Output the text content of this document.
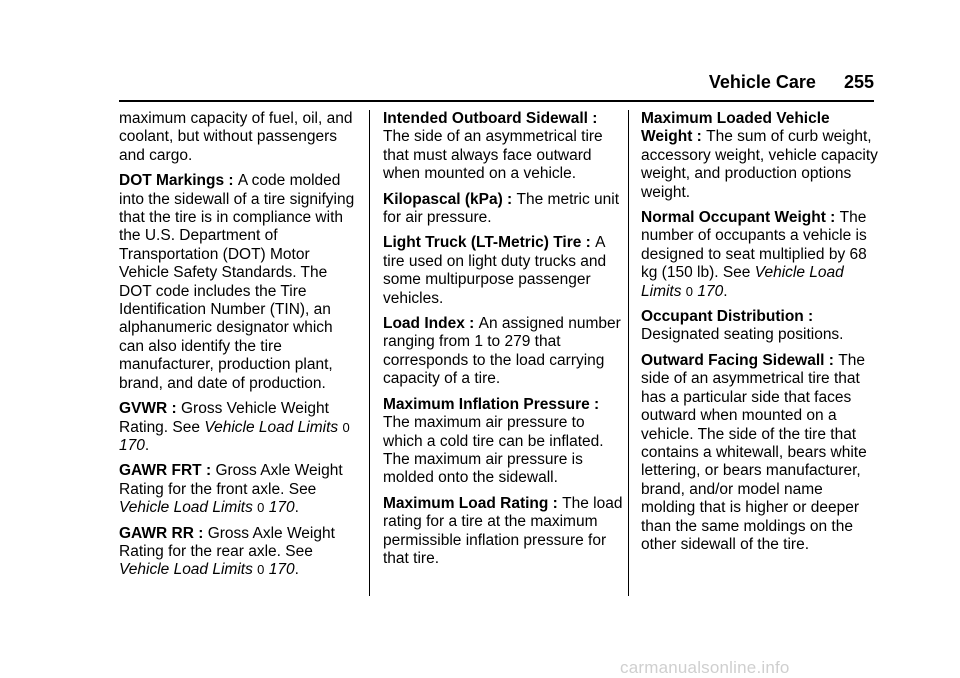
Vehicle Care 255

maximum capacity of fuel, oil, and coolant, but without passengers and cargo.

DOT Markings : A code molded into the sidewall of a tire signifying that the tire is in compliance with the U.S. Department of Transportation (DOT) Motor Vehicle Safety Standards. The DOT code includes the Tire Identification Number (TIN), an alphanumeric designator which can also identify the tire manufacturer, production plant, brand, and date of production.

GVWR : Gross Vehicle Weight Rating. See Vehicle Load Limits 0 170.

GAWR FRT : Gross Axle Weight Rating for the front axle. See Vehicle Load Limits 0 170.

GAWR RR : Gross Axle Weight Rating for the rear axle. See Vehicle Load Limits 0 170.

Intended Outboard Sidewall : The side of an asymmetrical tire that must always face outward when mounted on a vehicle.

Kilopascal (kPa) : The metric unit for air pressure.

Light Truck (LT-Metric) Tire : A tire used on light duty trucks and some multipurpose passenger vehicles.

Load Index : An assigned number ranging from 1 to 279 that corresponds to the load carrying capacity of a tire.

Maximum Inflation Pressure : The maximum air pressure to which a cold tire can be inflated. The maximum air pressure is molded onto the sidewall.

Maximum Load Rating : The load rating for a tire at the maximum permissible inflation pressure for that tire.

Maximum Loaded Vehicle Weight : The sum of curb weight, accessory weight, vehicle capacity weight, and production options weight.

Normal Occupant Weight : The number of occupants a vehicle is designed to seat multiplied by 68 kg (150 lb). See Vehicle Load Limits 0 170.

Occupant Distribution : Designated seating positions.

Outward Facing Sidewall : The side of an asymmetrical tire that has a particular side that faces outward when mounted on a vehicle. The side of the tire that contains a whitewall, bears white lettering, or bears manufacturer, brand, and/or model name molding that is higher or deeper than the same moldings on the other sidewall of the tire.

carmanualsonline.info
